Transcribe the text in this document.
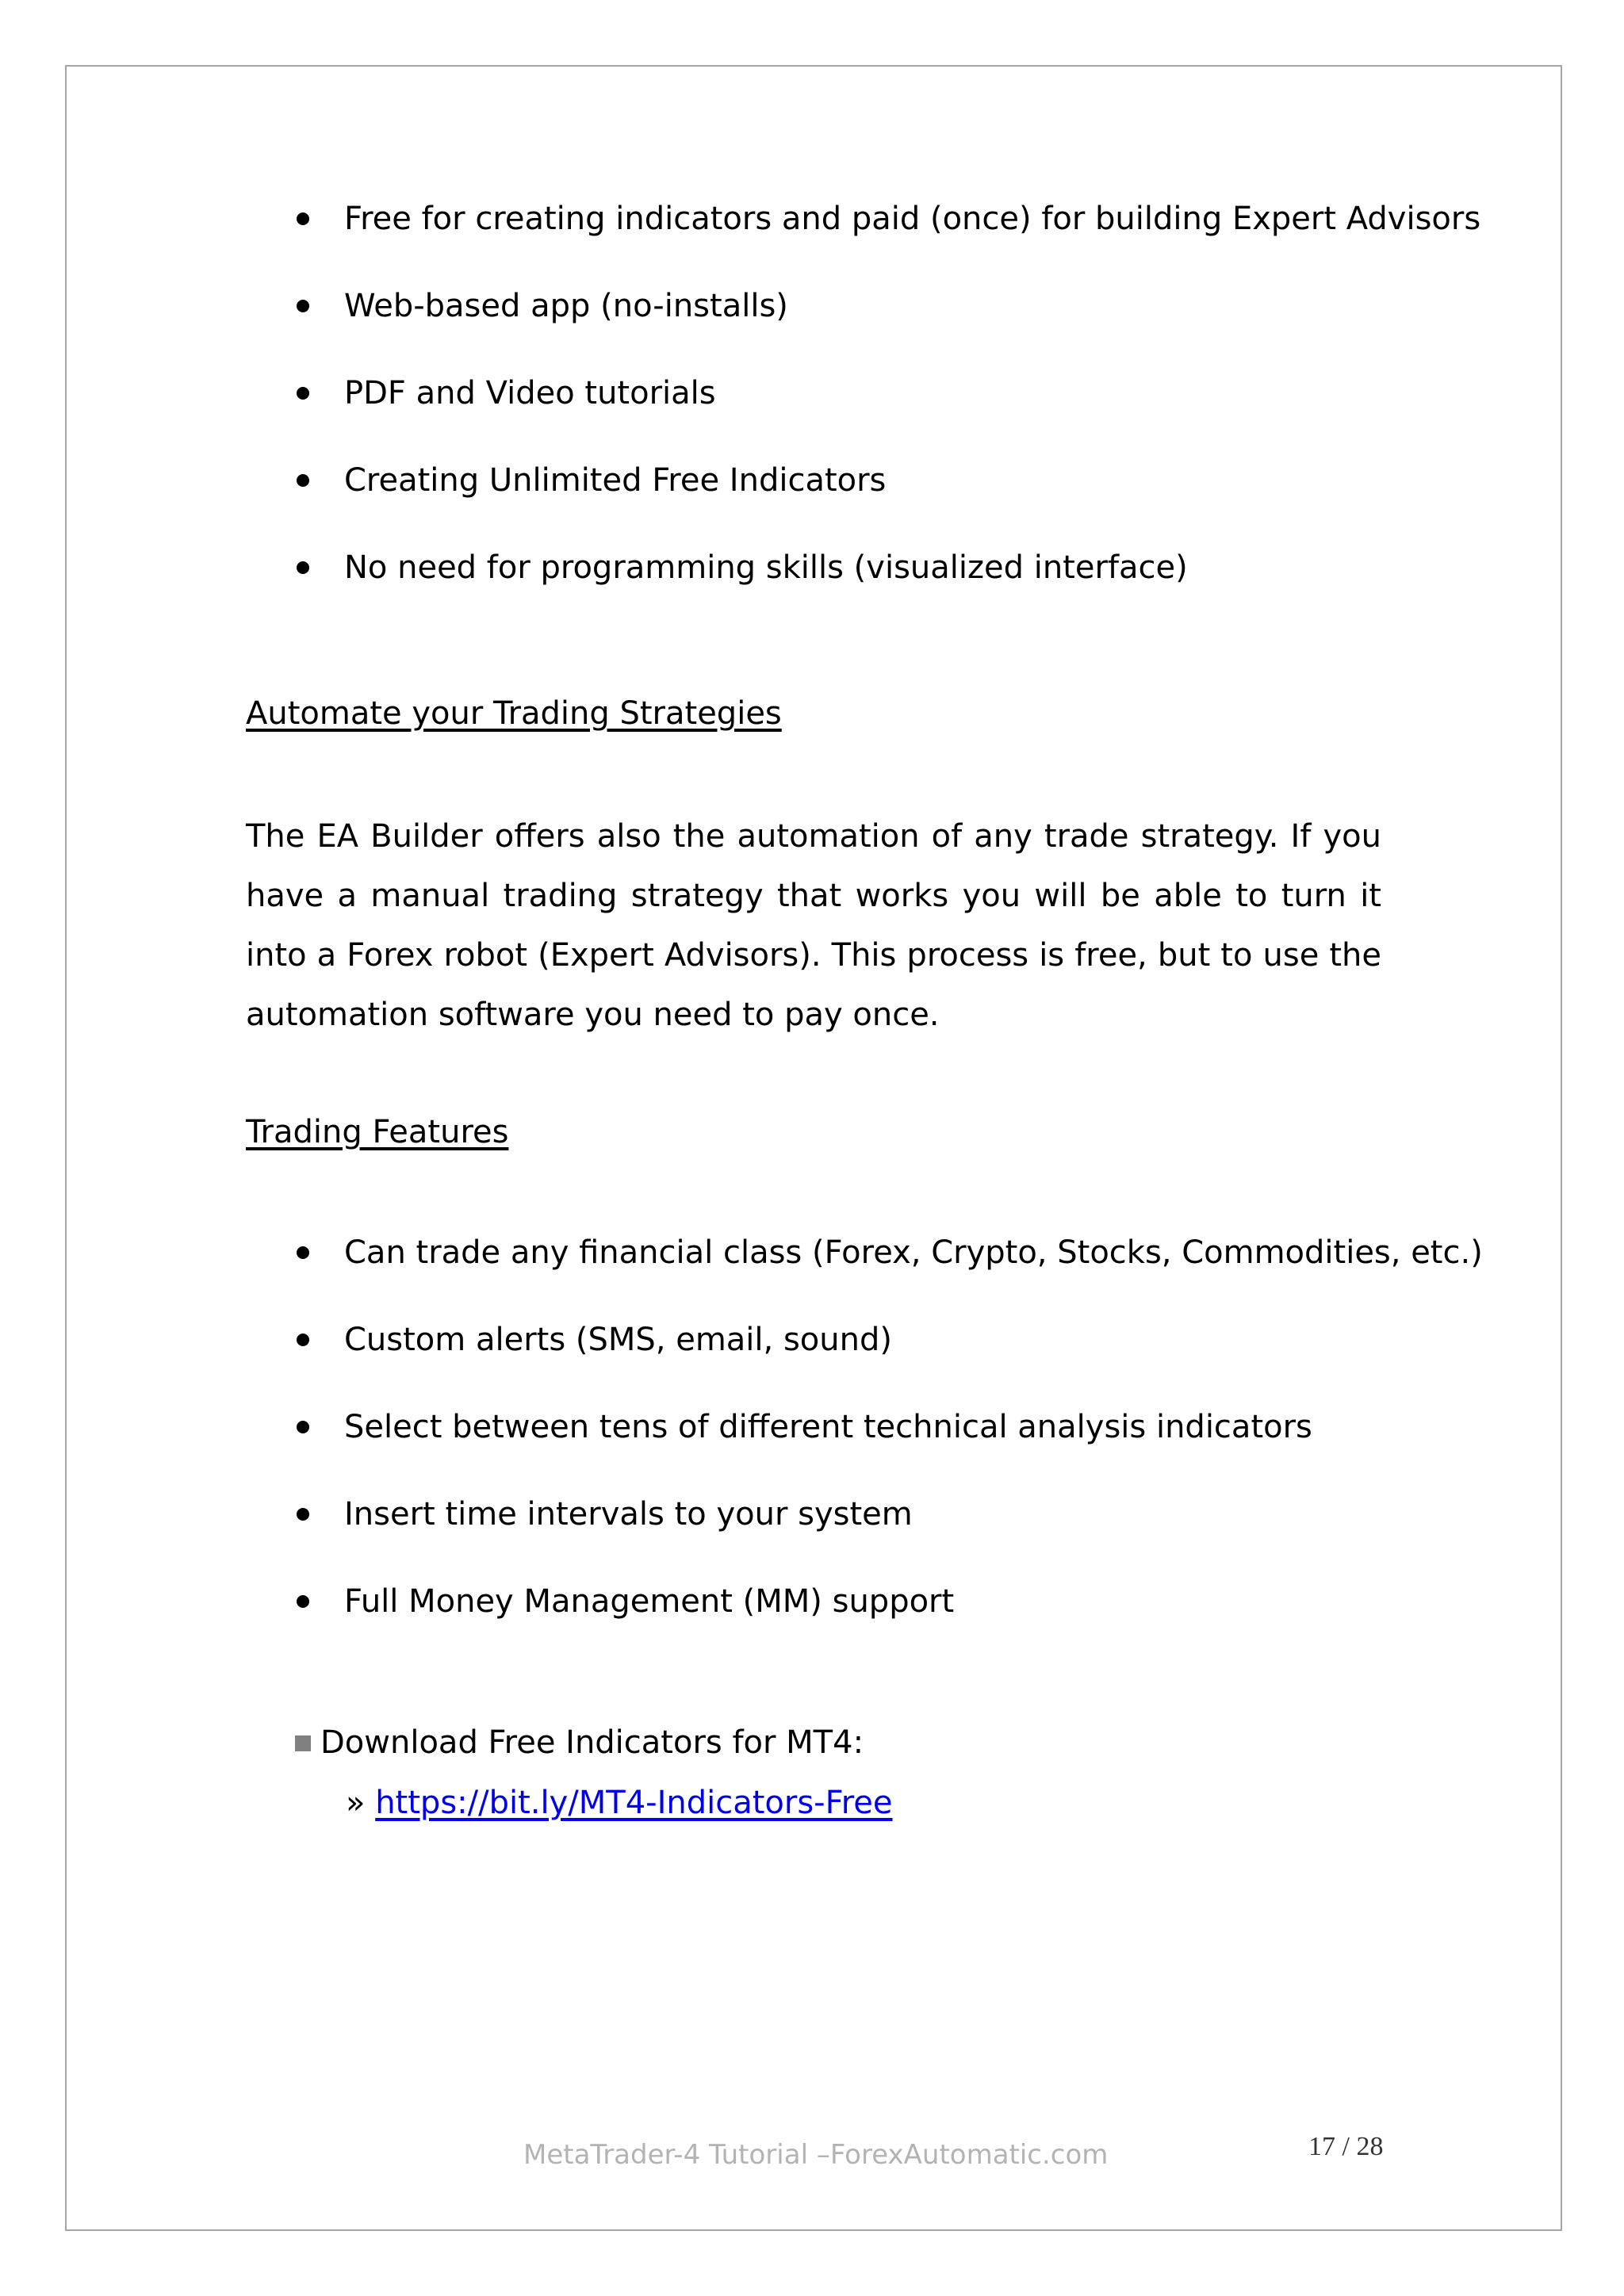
Free for creating indicators and paid (once) for building Expert Advisors
Web-based app (no-installs)
PDF and Video tutorials
Creating Unlimited Free Indicators
No need for programming skills (visualized interface)
Automate your Trading Strategies

The EA Builder offers also the automation of any trade strategy. If you have a manual trading strategy that works you will be able to turn it into a Forex robot (Expert Advisors). This process is free, but to use the automation software you need to pay once.

Trading Features
Can trade any financial class (Forex, Crypto, Stocks, Commodities, etc.)
Custom alerts (SMS, email, sound)
Select between tens of different technical analysis indicators
Insert time intervals to your system
Full Money Management (MM) support
Download Free Indicators for MT4:
» https://bit.ly/MT4-Indicators-Free
MetaTrader-4 Tutorial –ForexAutomatic.com	17 / 28
